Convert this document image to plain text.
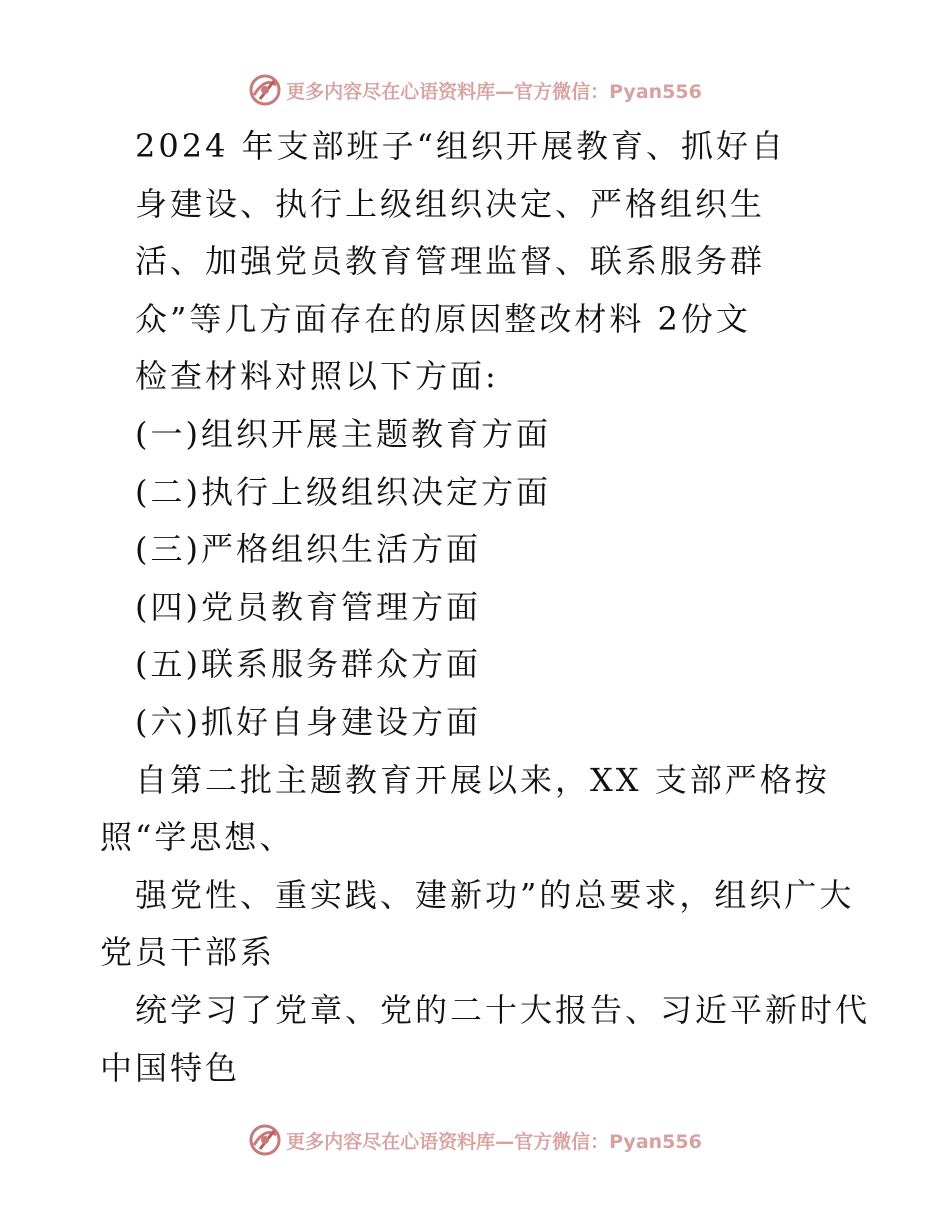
更多内容尽在心语资料库—官方微信：Pyan556
2024 年支部班子“组织开展教育、抓好自
身建设、执行上级组织决定、严格组织生
活、加强党员教育管理监督、联系服务群
众”等几方面存在的原因整改材料 2份文
检查材料对照以下方面:
(一)组织开展主题教育方面
(二)执行上级组织决定方面
(三)严格组织生活方面
(四)党员教育管理方面
(五)联系服务群众方面
(六)抓好自身建设方面
自第二批主题教育开展以来，XX 支部严格按
照“学思想、
强党性、重实践、建新功”的总要求，组织广大
党员干部系
统学习了党章、党的二十大报告、习近平新时代
中国特色
更多内容尽在心语资料库—官方微信：Pyan556
